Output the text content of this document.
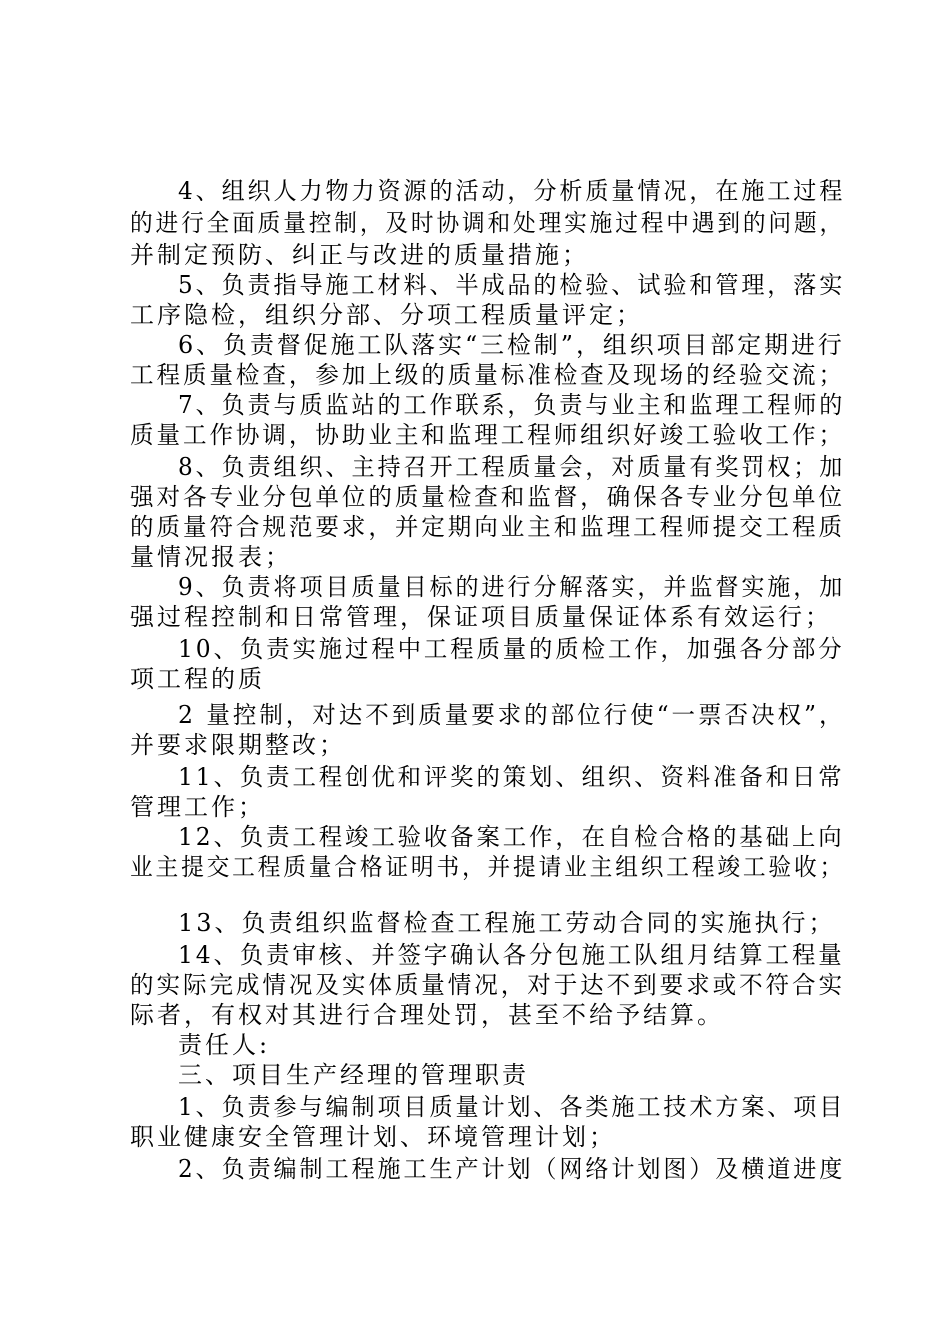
4、组织人力物力资源的活动，分析质量情况，在施工过程
的进行全面质量控制，及时协调和处理实施过程中遇到的问题，
并制定预防、纠正与改进的质量措施；
5、负责指导施工材料、半成品的检验、试验和管理，落实
工序隐检，组织分部、分项工程质量评定；
6、负责督促施工队落实“三检制”，组织项目部定期进行
工程质量检查，参加上级的质量标准检查及现场的经验交流；
7、负责与质监站的工作联系，负责与业主和监理工程师的
质量工作协调，协助业主和监理工程师组织好竣工验收工作；
8、负责组织、主持召开工程质量会，对质量有奖罚权；加
强对各专业分包单位的质量检查和监督，确保各专业分包单位
的质量符合规范要求，并定期向业主和监理工程师提交工程质
量情况报表；
9、负责将项目质量目标的进行分解落实，并监督实施，加
强过程控制和日常管理，保证项目质量保证体系有效运行；
10、负责实施过程中工程质量的质检工作，加强各分部分
项工程的质
2 量控制，对达不到质量要求的部位行使“一票否决权”，
并要求限期整改；
11、负责工程创优和评奖的策划、组织、资料准备和日常
管理工作；
12、负责工程竣工验收备案工作，在自检合格的基础上向
业主提交工程质量合格证明书，并提请业主组织工程竣工验收；
13、负责组织监督检查工程施工劳动合同的实施执行；
14、负责审核、并签字确认各分包施工队组月结算工程量
的实际完成情况及实体质量情况，对于达不到要求或不符合实
际者，有权对其进行合理处罚，甚至不给予结算。
责任人:
三、项目生产经理的管理职责
1、负责参与编制项目质量计划、各类施工技术方案、项目
职业健康安全管理计划、环境管理计划；
2、负责编制工程施工生产计划（网络计划图）及横道进度
